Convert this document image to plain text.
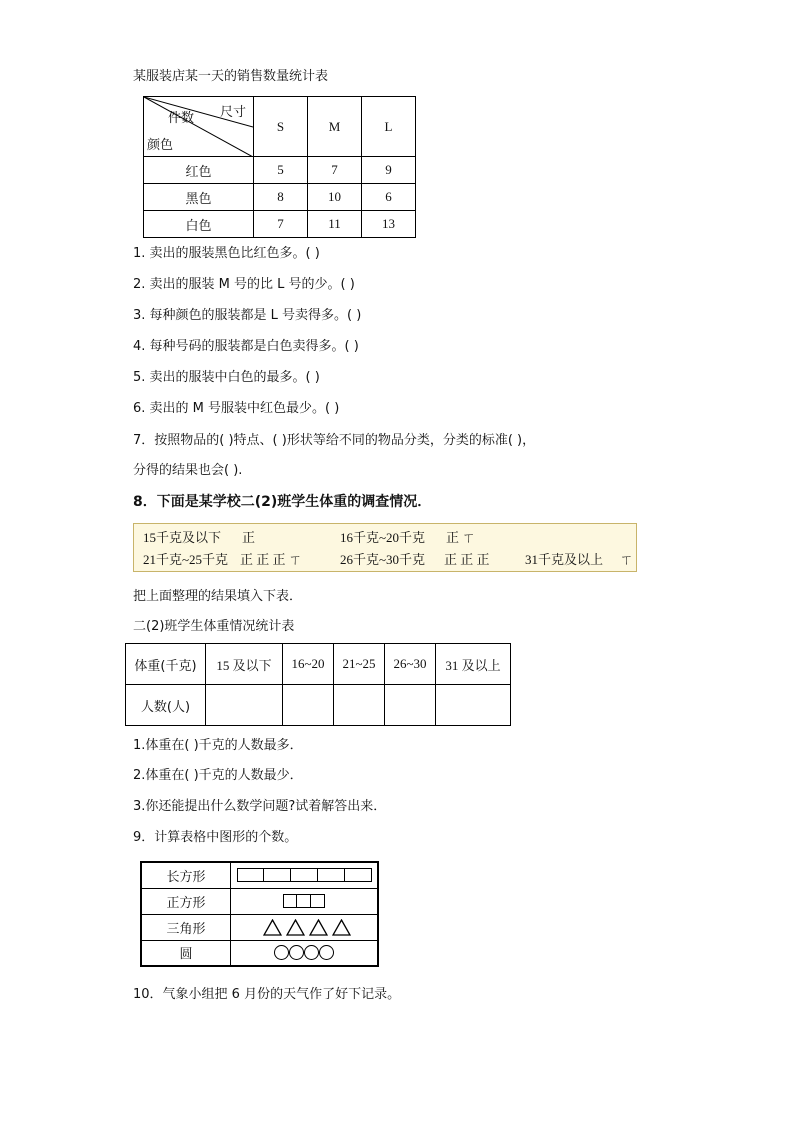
某服装店某一天的销售数量统计表
尺寸
件数
颜色	S	M	L
红色	5	7	9
黑色	8	10	6
白色	7	11	13
1. 卖出的服装黑色比红色多。( )
2. 卖出的服装 M 号的比 L 号的少。( )
3. 每种颜色的服装都是 L 号卖得多。( )
4. 每种号码的服装都是白色卖得多。( )
5. 卖出的服装中白色的最多。( )
6. 卖出的 M 号服装中红色最少。( )
7．按照物品的( )特点、( )形状等给不同的物品分类，分类的标准( )，
分得的结果也会( ).
8．下面是某学校二(2)班学生体重的调查情况．
15千克及以下 正	16千克~20千克 正 ㄒ
21千克~25千克 正 正 正 ㄒ	26千克~30千克 正 正 正	31千克及以上 ㄒ
把上面整理的结果填入下表．
二(2)班学生体重情况统计表
体重(千克)	15 及以下	16~20	21~25	26~30	31 及以上
人数(人)					
1.体重在( )千克的人数最多．
2.体重在( )千克的人数最少．
3.你还能提出什么数学问题?试着解答出来．
9．计算表格中图形的个数。
长方形	

正方形	

三角形	

圆	
10．气象小组把 6 月份的天气作了好下记录。
